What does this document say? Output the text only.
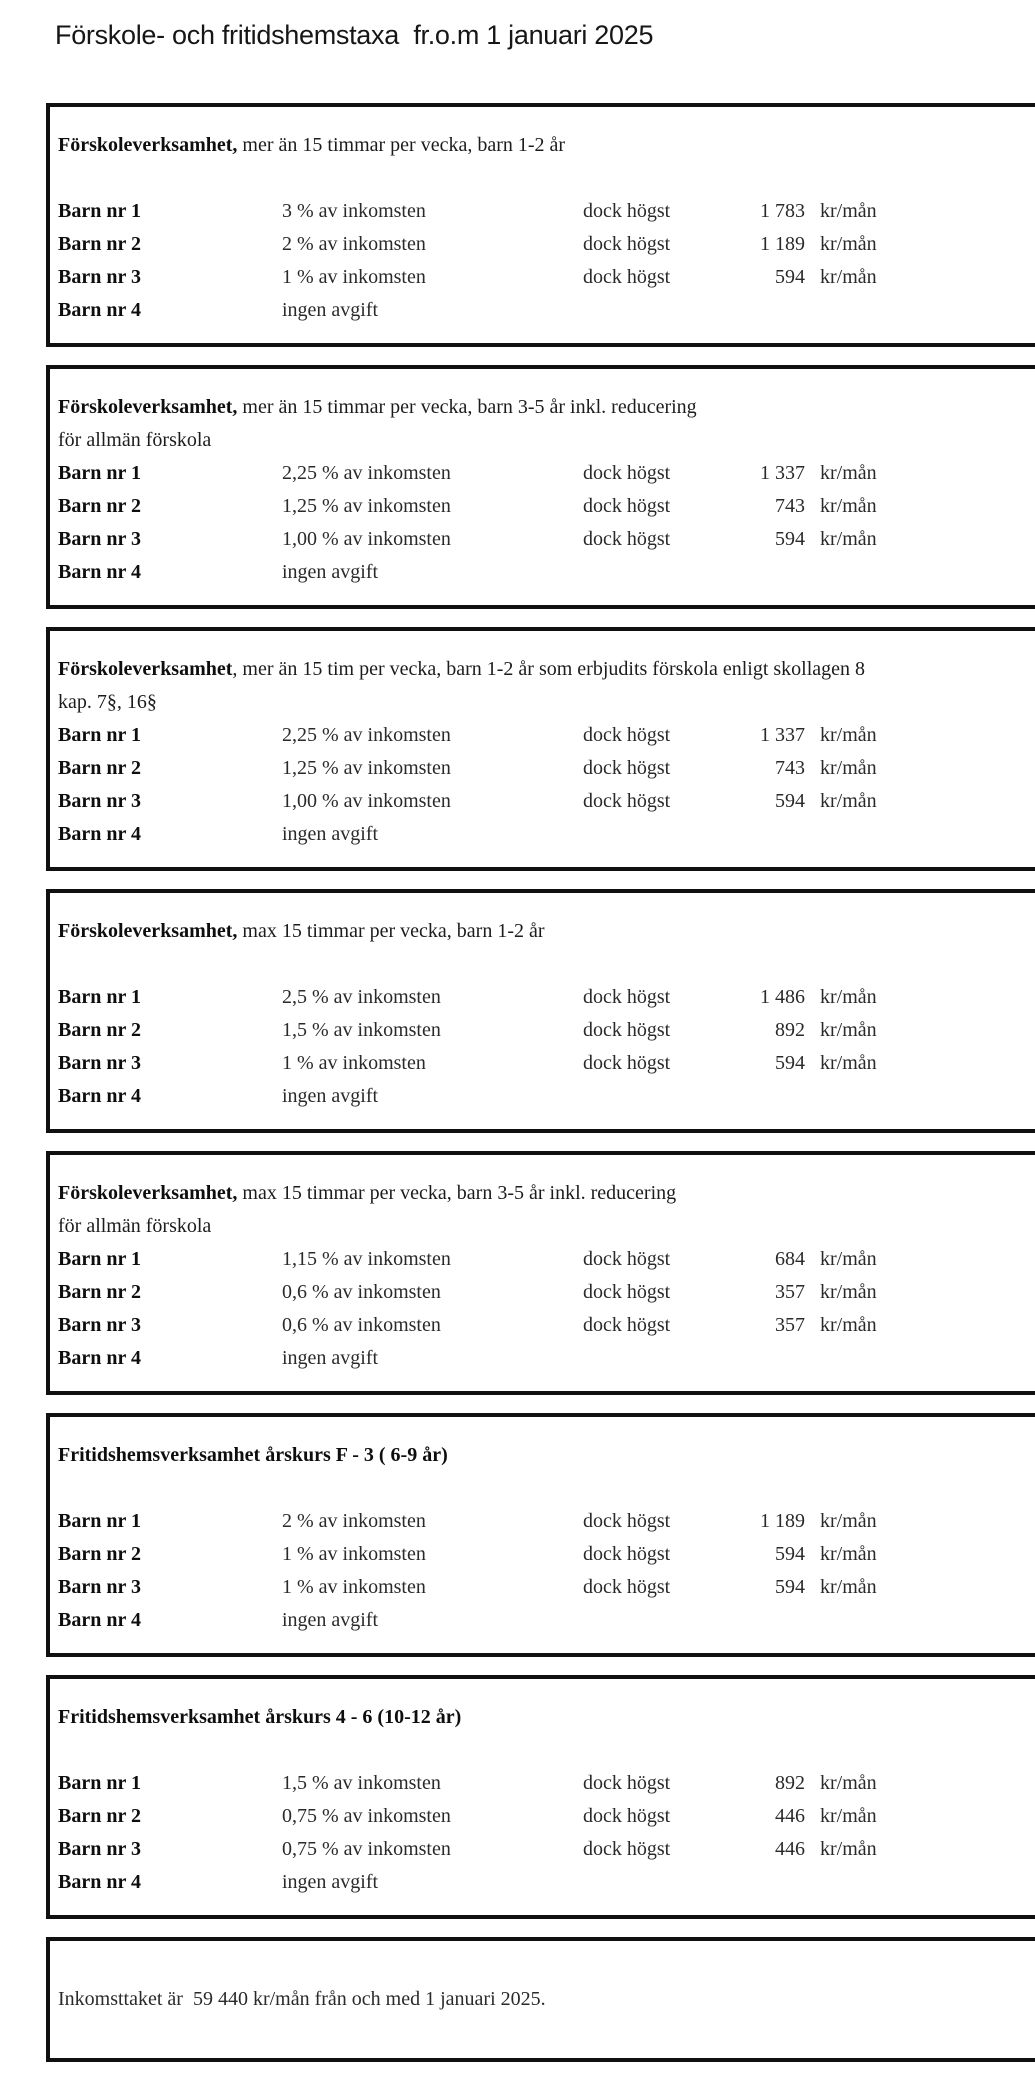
Förskole- och fritidshemstaxa  fr.o.m 1 januari 2025
Förskoleverksamhet, mer än 15 timmar per vecka, barn 1-2 år
Barn nr 1	3 % av inkomsten	dock högst	1 783 kr/mån
Barn nr 2	2 % av inkomsten	dock högst	1 189 kr/mån
Barn nr 3	1 % av inkomsten	dock högst	594 kr/mån
Barn nr 4	ingen avgift
Förskoleverksamhet, mer än 15 timmar per vecka, barn 3-5 år inkl. reducering
för allmän förskola
Barn nr 1	2,25 % av inkomsten	dock högst	1 337 kr/mån
Barn nr 2	1,25 % av inkomsten	dock högst	743 kr/mån
Barn nr 3	1,00 % av inkomsten	dock högst	594 kr/mån
Barn nr 4	ingen avgift
Förskoleverksamhet, mer än 15 tim per vecka, barn 1-2 år som erbjudits förskola enligt skollagen 8
kap. 7§, 16§
Barn nr 1	2,25 % av inkomsten	dock högst	1 337 kr/mån
Barn nr 2	1,25 % av inkomsten	dock högst	743 kr/mån
Barn nr 3	1,00 % av inkomsten	dock högst	594 kr/mån
Barn nr 4	ingen avgift
Förskoleverksamhet, max 15 timmar per vecka, barn 1-2 år
Barn nr 1	2,5 % av inkomsten	dock högst	1 486 kr/mån
Barn nr 2	1,5 % av inkomsten	dock högst	892 kr/mån
Barn nr 3	1 % av inkomsten	dock högst	594 kr/mån
Barn nr 4	ingen avgift
Förskoleverksamhet, max 15 timmar per vecka, barn 3-5 år inkl. reducering
för allmän förskola
Barn nr 1	1,15 % av inkomsten	dock högst	684 kr/mån
Barn nr 2	0,6 % av inkomsten	dock högst	357 kr/mån
Barn nr 3	0,6 % av inkomsten	dock högst	357 kr/mån
Barn nr 4	ingen avgift
Fritidshemsverksamhet årskurs F - 3 ( 6-9 år)
Barn nr 1	2 % av inkomsten	dock högst	1 189 kr/mån
Barn nr 2	1 % av inkomsten	dock högst	594 kr/mån
Barn nr 3	1 % av inkomsten	dock högst	594 kr/mån
Barn nr 4	ingen avgift
Fritidshemsverksamhet årskurs 4 - 6 (10-12 år)
Barn nr 1	1,5 % av inkomsten	dock högst	892 kr/mån
Barn nr 2	0,75 % av inkomsten	dock högst	446 kr/mån
Barn nr 3	0,75 % av inkomsten	dock högst	446 kr/mån
Barn nr 4	ingen avgift
Inkomsttaket är  59 440 kr/mån från och med 1 januari 2025.
